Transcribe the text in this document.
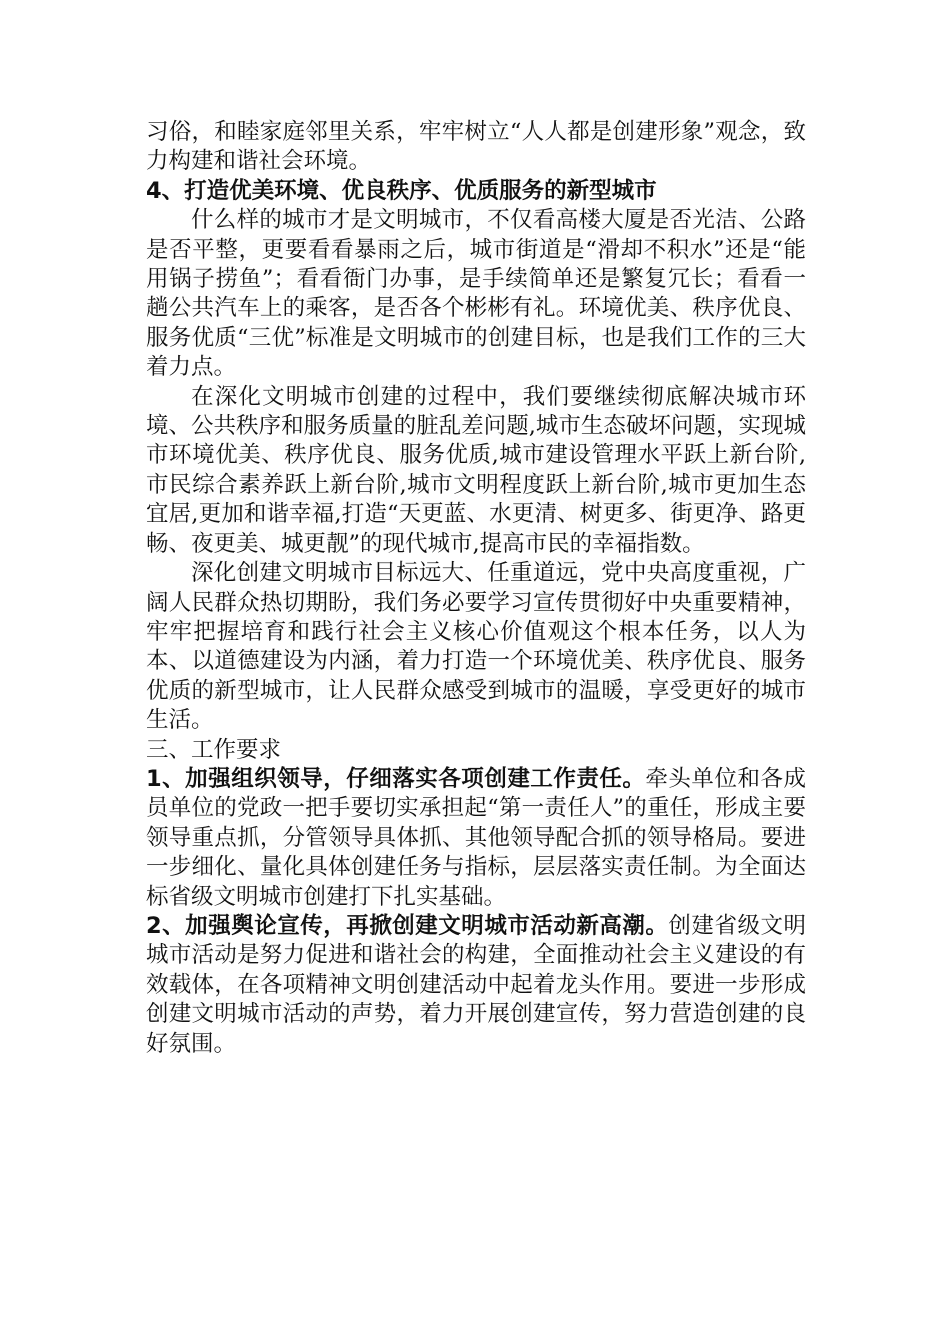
习俗，和睦家庭邻里关系，牢牢树立“人人都是创建形象”观念，致力构建和谐社会环境。

4、打造优美环境、优良秩序、优质服务的新型城市

什么样的城市才是文明城市，不仅看高楼大厦是否光洁、公路是否平整，更要看看暴雨之后，城市街道是“滑却不积水”还是“能用锅子捞鱼”；看看衙门办事，是手续简单还是繁复冗长；看看一趟公共汽车上的乘客，是否各个彬彬有礼。环境优美、秩序优良、服务优质“三优”标准是文明城市的创建目标，也是我们工作的三大着力点。

在深化文明城市创建的过程中，我们要继续彻底解决城市环境、公共秩序和服务质量的脏乱差问题,城市生态破坏问题，实现城市环境优美、秩序优良、服务优质,城市建设管理水平跃上新台阶,市民综合素养跃上新台阶,城市文明程度跃上新台阶,城市更加生态宜居,更加和谐幸福,打造“天更蓝、水更清、树更多、街更净、路更畅、夜更美、城更靓”的现代城市,提高市民的幸福指数。

深化创建文明城市目标远大、任重道远，党中央高度重视，广阔人民群众热切期盼，我们务必要学习宣传贯彻好中央重要精神，牢牢把握培育和践行社会主义核心价值观这个根本任务，以人为本、以道德建设为内涵，着力打造一个环境优美、秩序优良、服务优质的新型城市，让人民群众感受到城市的温暖，享受更好的城市生活。

三、工作要求

1、加强组织领导，仔细落实各项创建工作责任。牵头单位和各成员单位的党政一把手要切实承担起“第一责任人”的重任，形成主要领导重点抓，分管领导具体抓、其他领导配合抓的领导格局。要进一步细化、量化具体创建任务与指标，层层落实责任制。为全面达标省级文明城市创建打下扎实基础。

2、加强舆论宣传，再掀创建文明城市活动新高潮。创建省级文明城市活动是努力促进和谐社会的构建，全面推动社会主义建设的有效载体，在各项精神文明创建活动中起着龙头作用。要进一步形成创建文明城市活动的声势，着力开展创建宣传，努力营造创建的良好氛围。
